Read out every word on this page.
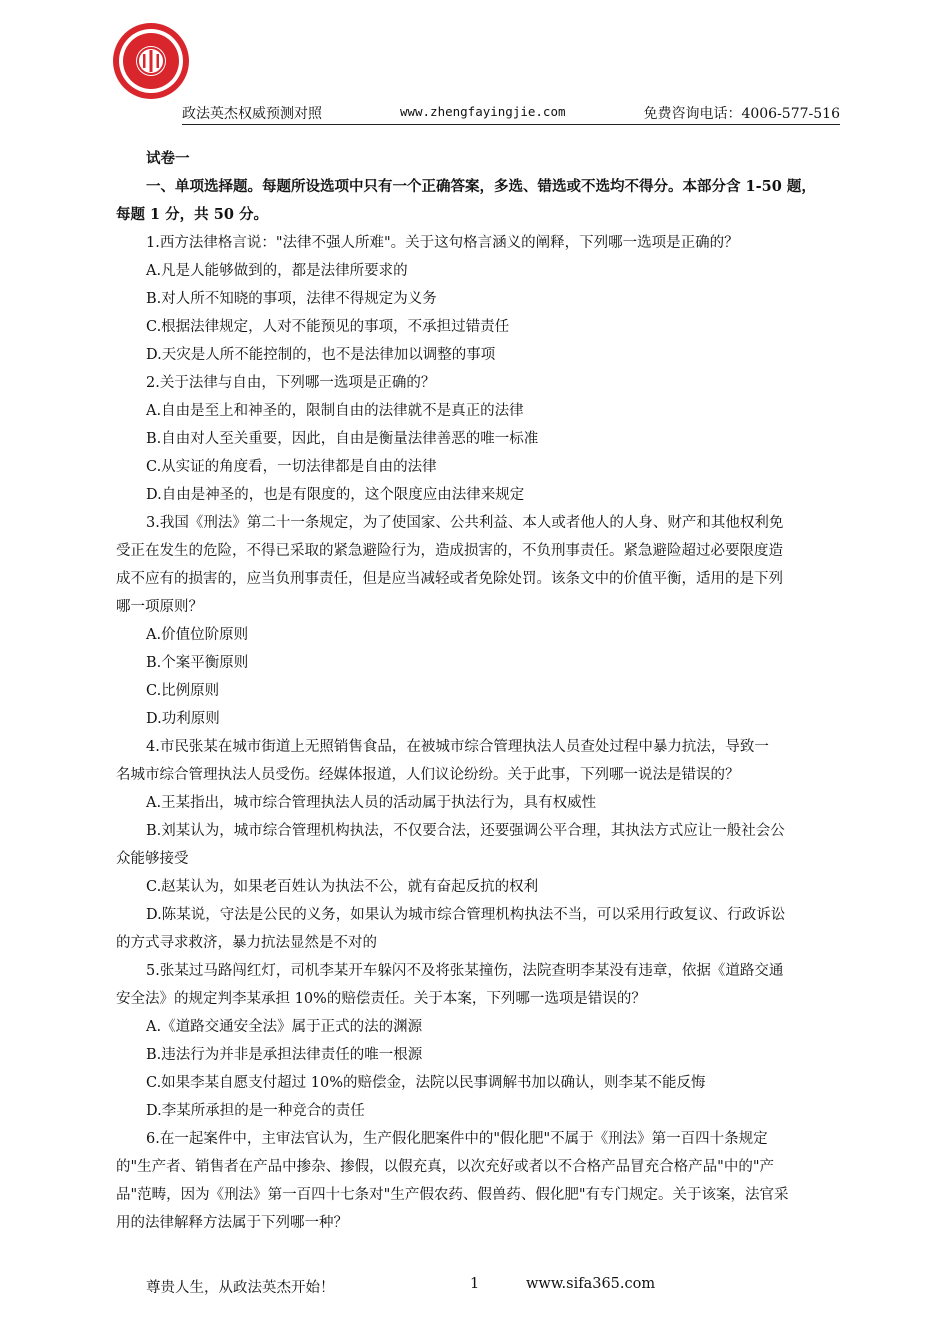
政法英杰权威预测对照	www.zhengfayingjie.com	免费咨询电话：4006-577-516

试卷一

一、单项选择题。每题所设选项中只有一个正确答案，多选、错选或不选均不得分。本部分含 1-50 题，

每题 1 分，共 50 分。

1.西方法律格言说："法律不强人所难"。关于这句格言涵义的阐释，下列哪一选项是正确的？

A.凡是人能够做到的，都是法律所要求的

B.对人所不知晓的事项，法律不得规定为义务

C.根据法律规定，人对不能预见的事项，不承担过错责任

D.天灾是人所不能控制的，也不是法律加以调整的事项

2.关于法律与自由，下列哪一选项是正确的？

A.自由是至上和神圣的，限制自由的法律就不是真正的法律

B.自由对人至关重要，因此，自由是衡量法律善恶的唯一标准

C.从实证的角度看，一切法律都是自由的法律

D.自由是神圣的，也是有限度的，这个限度应由法律来规定

3.我国《刑法》第二十一条规定，为了使国家、公共利益、本人或者他人的人身、财产和其他权利免

受正在发生的危险，不得已采取的紧急避险行为，造成损害的，不负刑事责任。紧急避险超过必要限度造

成不应有的损害的，应当负刑事责任，但是应当减轻或者免除处罚。该条文中的价值平衡，适用的是下列

哪一项原则？

A.价值位阶原则

B.个案平衡原则

C.比例原则

D.功利原则

4.市民张某在城市街道上无照销售食品，在被城市综合管理执法人员查处过程中暴力抗法，导致一

名城市综合管理执法人员受伤。经媒体报道，人们议论纷纷。关于此事，下列哪一说法是错误的？

A.王某指出，城市综合管理执法人员的活动属于执法行为，具有权威性

B.刘某认为，城市综合管理机构执法，不仅要合法，还要强调公平合理，其执法方式应让一般社会公

众能够接受

C.赵某认为，如果老百姓认为执法不公，就有奋起反抗的权利

D.陈某说，守法是公民的义务，如果认为城市综合管理机构执法不当，可以采用行政复议、行政诉讼

的方式寻求救济，暴力抗法显然是不对的

5.张某过马路闯红灯，司机李某开车躲闪不及将张某撞伤，法院查明李某没有违章，依据《道路交通

安全法》的规定判李某承担 10%的赔偿责任。关于本案，下列哪一选项是错误的？

A.《道路交通安全法》属于正式的法的渊源

B.违法行为并非是承担法律责任的唯一根源

C.如果李某自愿支付超过 10%的赔偿金，法院以民事调解书加以确认，则李某不能反悔

D.李某所承担的是一种竞合的责任

6.在一起案件中，主审法官认为，生产假化肥案件中的"假化肥"不属于《刑法》第一百四十条规定

的"生产者、销售者在产品中掺杂、掺假，以假充真，以次充好或者以不合格产品冒充合格产品"中的"产

品"范畴，因为《刑法》第一百四十七条对"生产假农药、假兽药、假化肥"有专门规定。关于该案，法官采

用的法律解释方法属于下列哪一种？

尊贵人生，从政法英杰开始！	1	www.sifa365.com
